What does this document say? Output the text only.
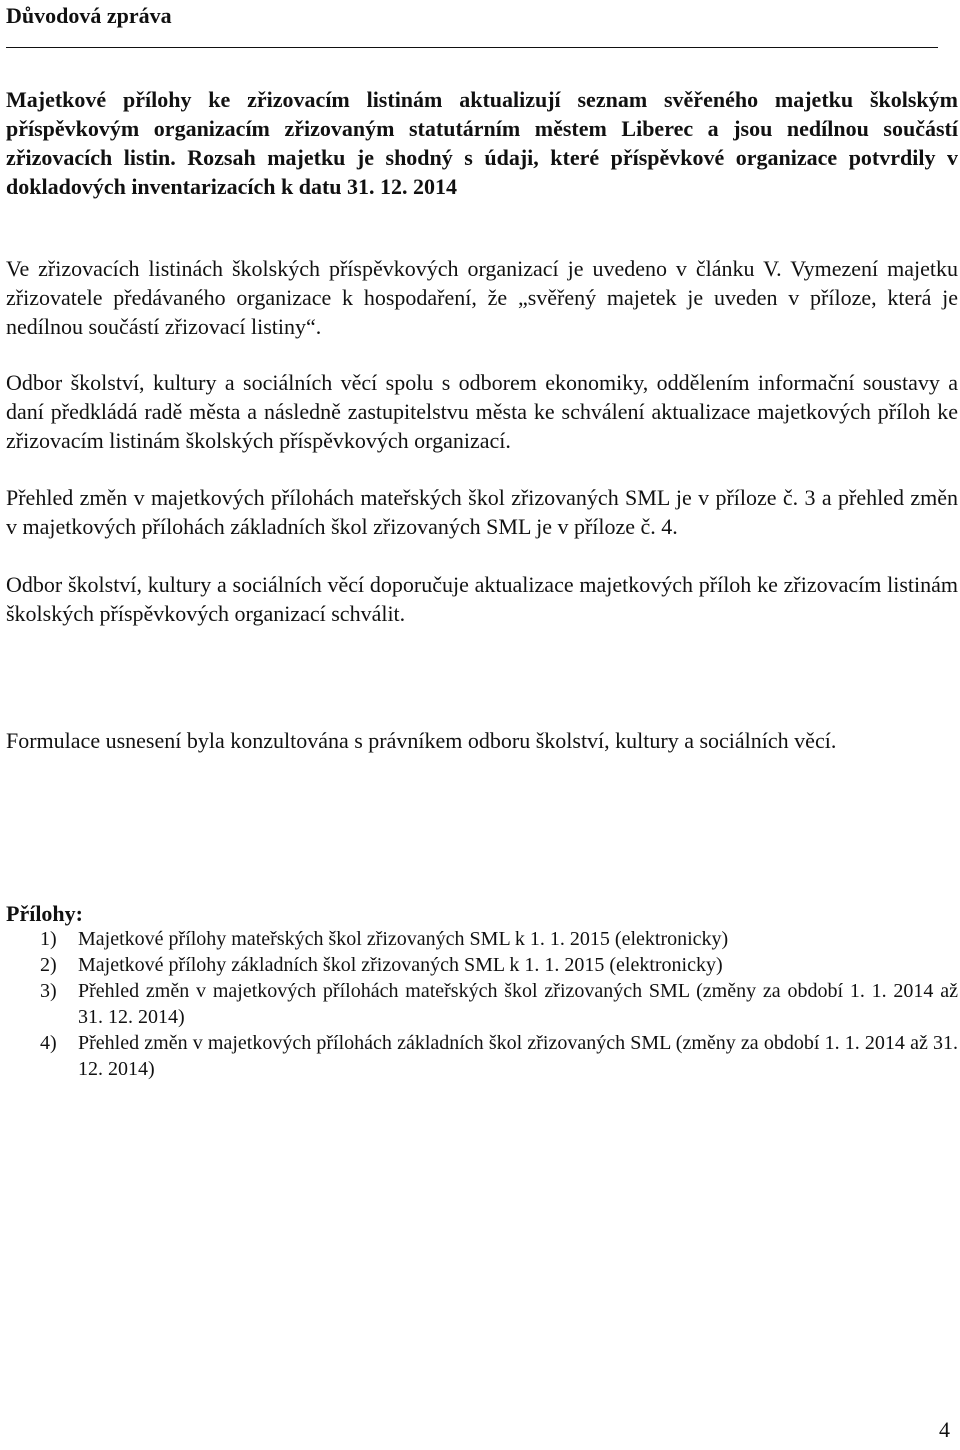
Důvodová zpráva

Majetkové přílohy ke zřizovacím listinám aktualizují seznam svěřeného majetku školským příspěvkovým organizacím zřizovaným statutárním městem Liberec a jsou nedílnou součástí zřizovacích listin. Rozsah majetku je shodný s údaji, které příspěvkové organizace potvrdily v dokladových inventarizacích k datu 31. 12. 2014

Ve zřizovacích listinách školských příspěvkových organizací je uvedeno v článku V. Vymezení majetku zřizovatele předávaného organizace k hospodaření, že „svěřený majetek je uveden v příloze, která je nedílnou součástí zřizovací listiny“.

Odbor školství, kultury a sociálních věcí spolu s odborem ekonomiky, oddělením informační soustavy a daní předkládá radě města a následně zastupitelstvu města ke schválení aktualizace majetkových příloh ke zřizovacím listinám školských příspěvkových organizací.

Přehled změn v majetkových přílohách mateřských škol zřizovaných SML je v příloze č. 3 a přehled změn v majetkových přílohách základních škol zřizovaných SML je v příloze č. 4.

Odbor školství, kultury a sociálních věcí doporučuje aktualizace majetkových příloh ke zřizovacím listinám školských příspěvkových organizací schválit.

Formulace usnesení byla konzultována s právníkem odboru školství, kultury a sociálních věcí.

Přílohy:
1) Majetkové přílohy mateřských škol zřizovaných SML k 1. 1. 2015 (elektronicky)
2) Majetkové přílohy základních škol zřizovaných SML k 1. 1. 2015 (elektronicky)
3) Přehled změn v majetkových přílohách mateřských škol zřizovaných SML (změny za období 1. 1. 2014 až 31. 12. 2014)
4) Přehled změn v majetkových přílohách základních škol zřizovaných SML (změny za období 1. 1. 2014 až 31. 12. 2014)
4
